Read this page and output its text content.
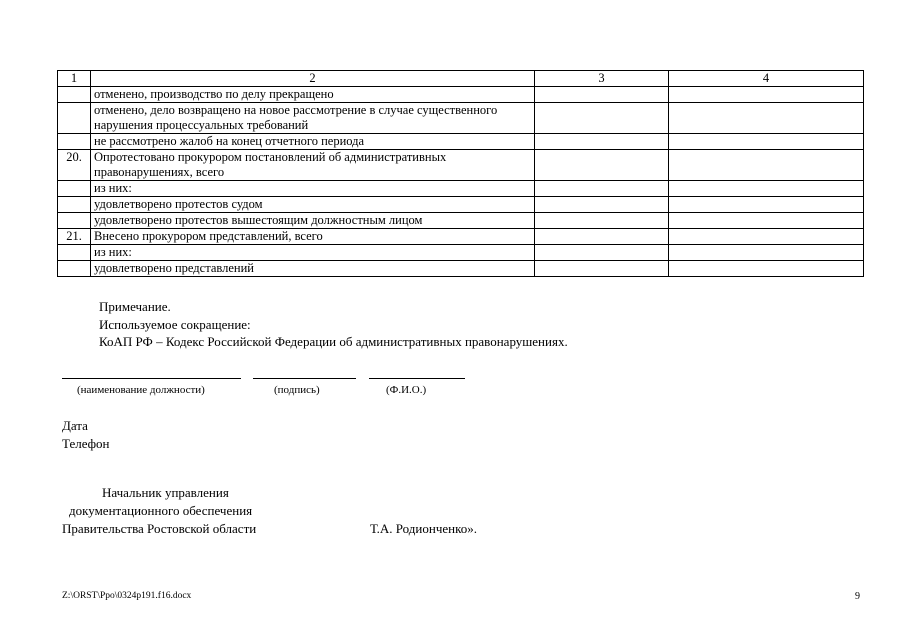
1	2	3	4
	отменено, производство по делу прекращено		
	отменено, дело возвращено на новое рассмотрение в случае существенного нарушения процессуальных требований		
	не рассмотрено жалоб на конец отчетного периода		
20.	Опротестовано прокурором постановлений об административных правонарушениях, всего		
	из них:		
	удовлетворено протестов судом		
	удовлетворено протестов вышестоящим должностным лицом		
21.	Внесено прокурором представлений, всего		
	из них:		
	удовлетворено представлений		
Примечание.
Используемое сокращение:
КоАП РФ – Кодекс Российской Федерации об административных правонарушениях.
(наименование должности)	(подпись)	(Ф.И.О.)
Дата
Телефон
Начальник управления
документационного обеспечения
Правительства Ростовской области	Т.А. Родионченко».
Z:\ORST\Ppo\0324p191.f16.docx	9
